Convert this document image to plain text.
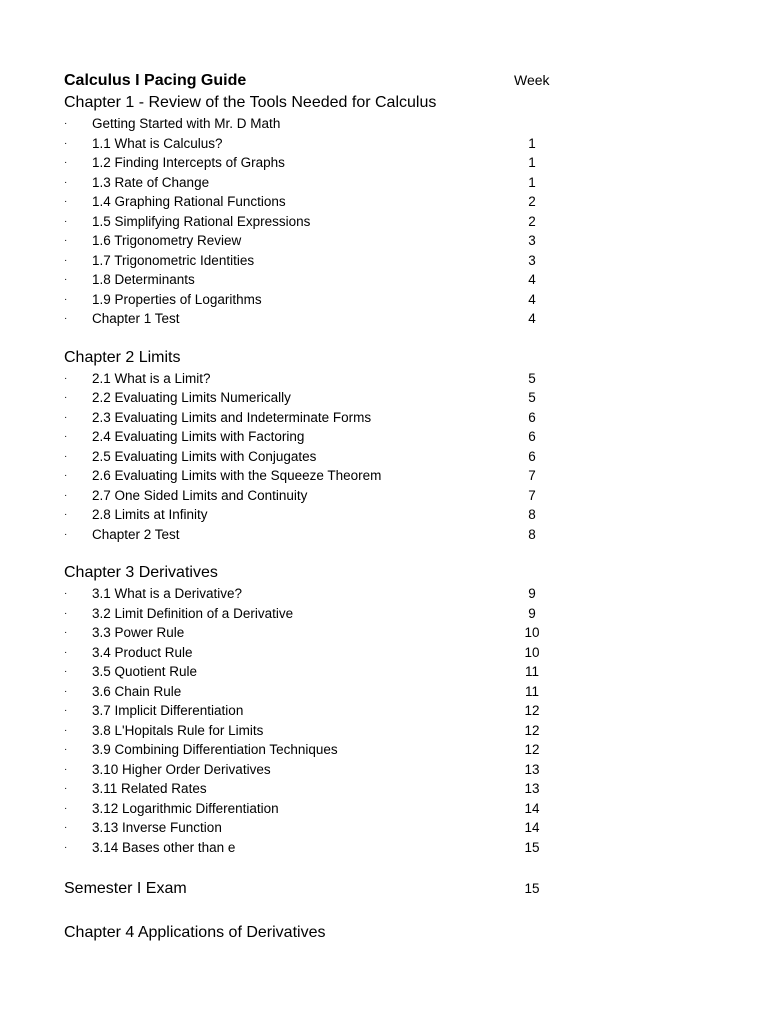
Calculus I Pacing Guide	Week
Chapter 1 - Review of the Tools Needed for Calculus
· Getting Started with Mr. D Math
· 1.1 What is Calculus?	1
· 1.2 Finding Intercepts of Graphs	1
· 1.3 Rate of Change	1
· 1.4 Graphing Rational Functions	2
· 1.5 Simplifying Rational Expressions	2
· 1.6 Trigonometry Review	3
· 1.7 Trigonometric Identities	3
· 1.8 Determinants	4
· 1.9 Properties of Logarithms	4
· Chapter 1 Test	4
Chapter 2 Limits
· 2.1 What is a Limit?	5
· 2.2 Evaluating Limits Numerically	5
· 2.3 Evaluating Limits and Indeterminate Forms	6
· 2.4 Evaluating Limits with Factoring	6
· 2.5 Evaluating Limits with Conjugates	6
· 2.6 Evaluating Limits with the Squeeze Theorem	7
· 2.7 One Sided Limits and Continuity	7
· 2.8 Limits at Infinity	8
· Chapter 2 Test	8
Chapter 3 Derivatives
· 3.1 What is a Derivative?	9
· 3.2 Limit Definition of a Derivative	9
· 3.3 Power Rule	10
· 3.4 Product Rule	10
· 3.5 Quotient Rule	11
· 3.6 Chain Rule	11
· 3.7 Implicit Differentiation	12
· 3.8 L'Hopitals Rule for Limits	12
· 3.9 Combining Differentiation Techniques	12
· 3.10 Higher Order Derivatives	13
· 3.11 Related Rates	13
· 3.12 Logarithmic Differentiation	14
· 3.13 Inverse Function	14
· 3.14 Bases other than e	15
Semester I Exam	15
Chapter 4 Applications of Derivatives
